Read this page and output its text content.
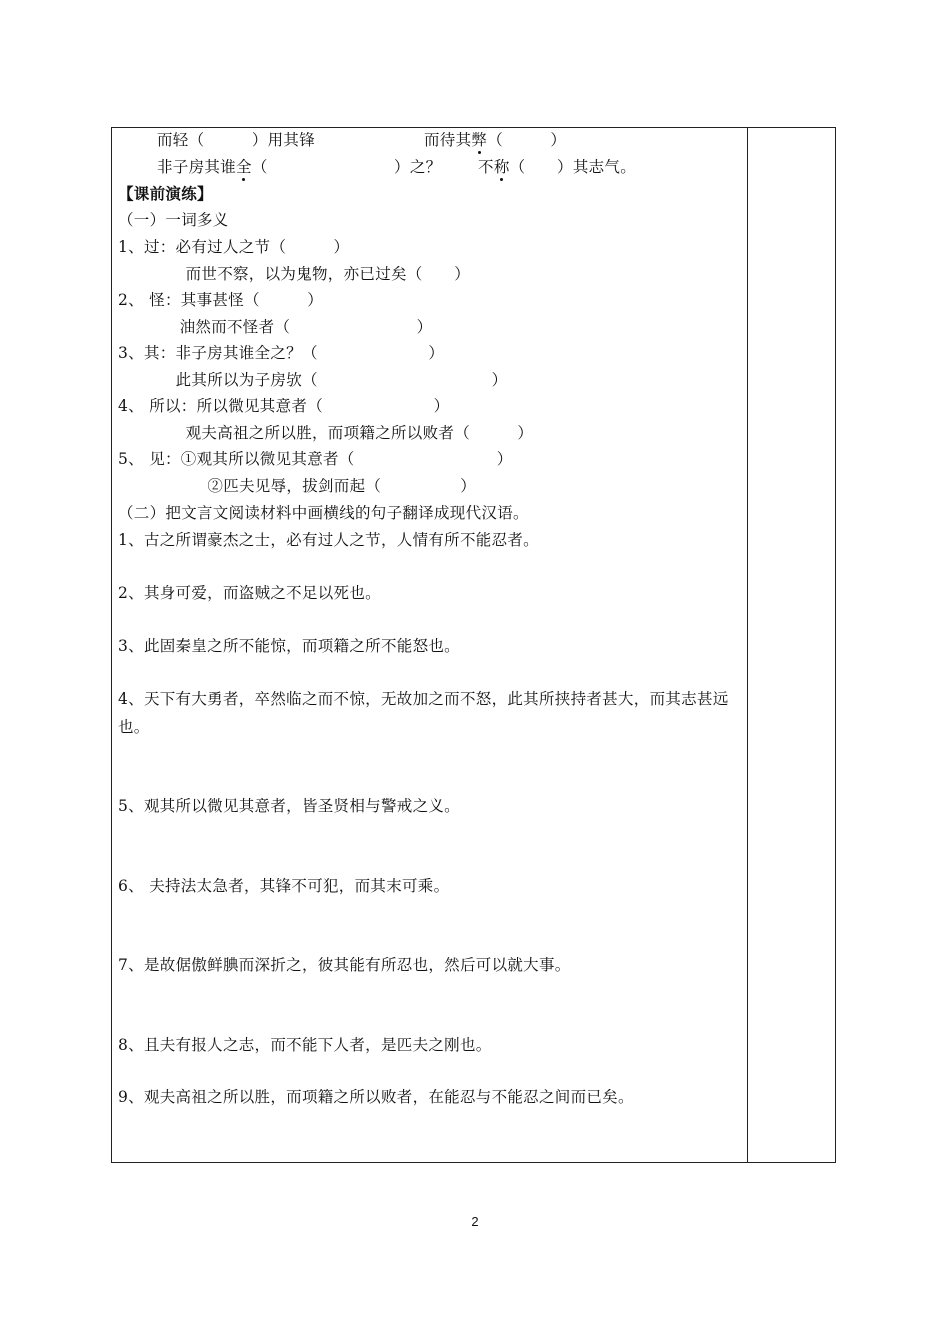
而轻（　　　	）用其锋	而待其弊（　　　）
非子房其谁全（　　　　　　　　）之？ 不称（　　）其志气。
【课前演练】
（一）一词多义
1、过：必有过人之节（　　　）
　　而世不察，以为鬼物，亦已过矣（　　）
2、 怪：其事甚怪（　　　）
　　油然而不怪者（　　　　　　　　）
3、其：非子房其谁全之？（　　　　　　　）
　　此其所以为子房欤（　　　　　　　　　　　）
4、 所以：所以微见其意者（　　　　　　　）
　　观夫高祖之所以胜，而项籍之所以败者（　　　）
5、 见：①观其所以微见其意者（　　　　　　　　　）
　　　②匹夫见辱，拔剑而起（　　　　　）
（二）把文言文阅读材料中画横线的句子翻译成现代汉语。
1、古之所谓豪杰之士，必有过人之节，人情有所不能忍者。
2、其身可爱，而盗贼之不足以死也。
3、此固秦皇之所不能惊，而项籍之所不能怒也。
4、天下有大勇者，卒然临之而不惊，无故加之而不怒，此其所挟持者甚大，而其志甚远也。
5、观其所以微见其意者，皆圣贤相与警戒之义。
6、 夫持法太急者，其锋不可犯，而其末可乘。
7、是故倨傲鲜腆而深折之，彼其能有所忍也，然后可以就大事。
8、且夫有报人之志，而不能下人者，是匹夫之刚也。
9、观夫高祖之所以胜，而项籍之所以败者，在能忍与不能忍之间而已矣。
2
